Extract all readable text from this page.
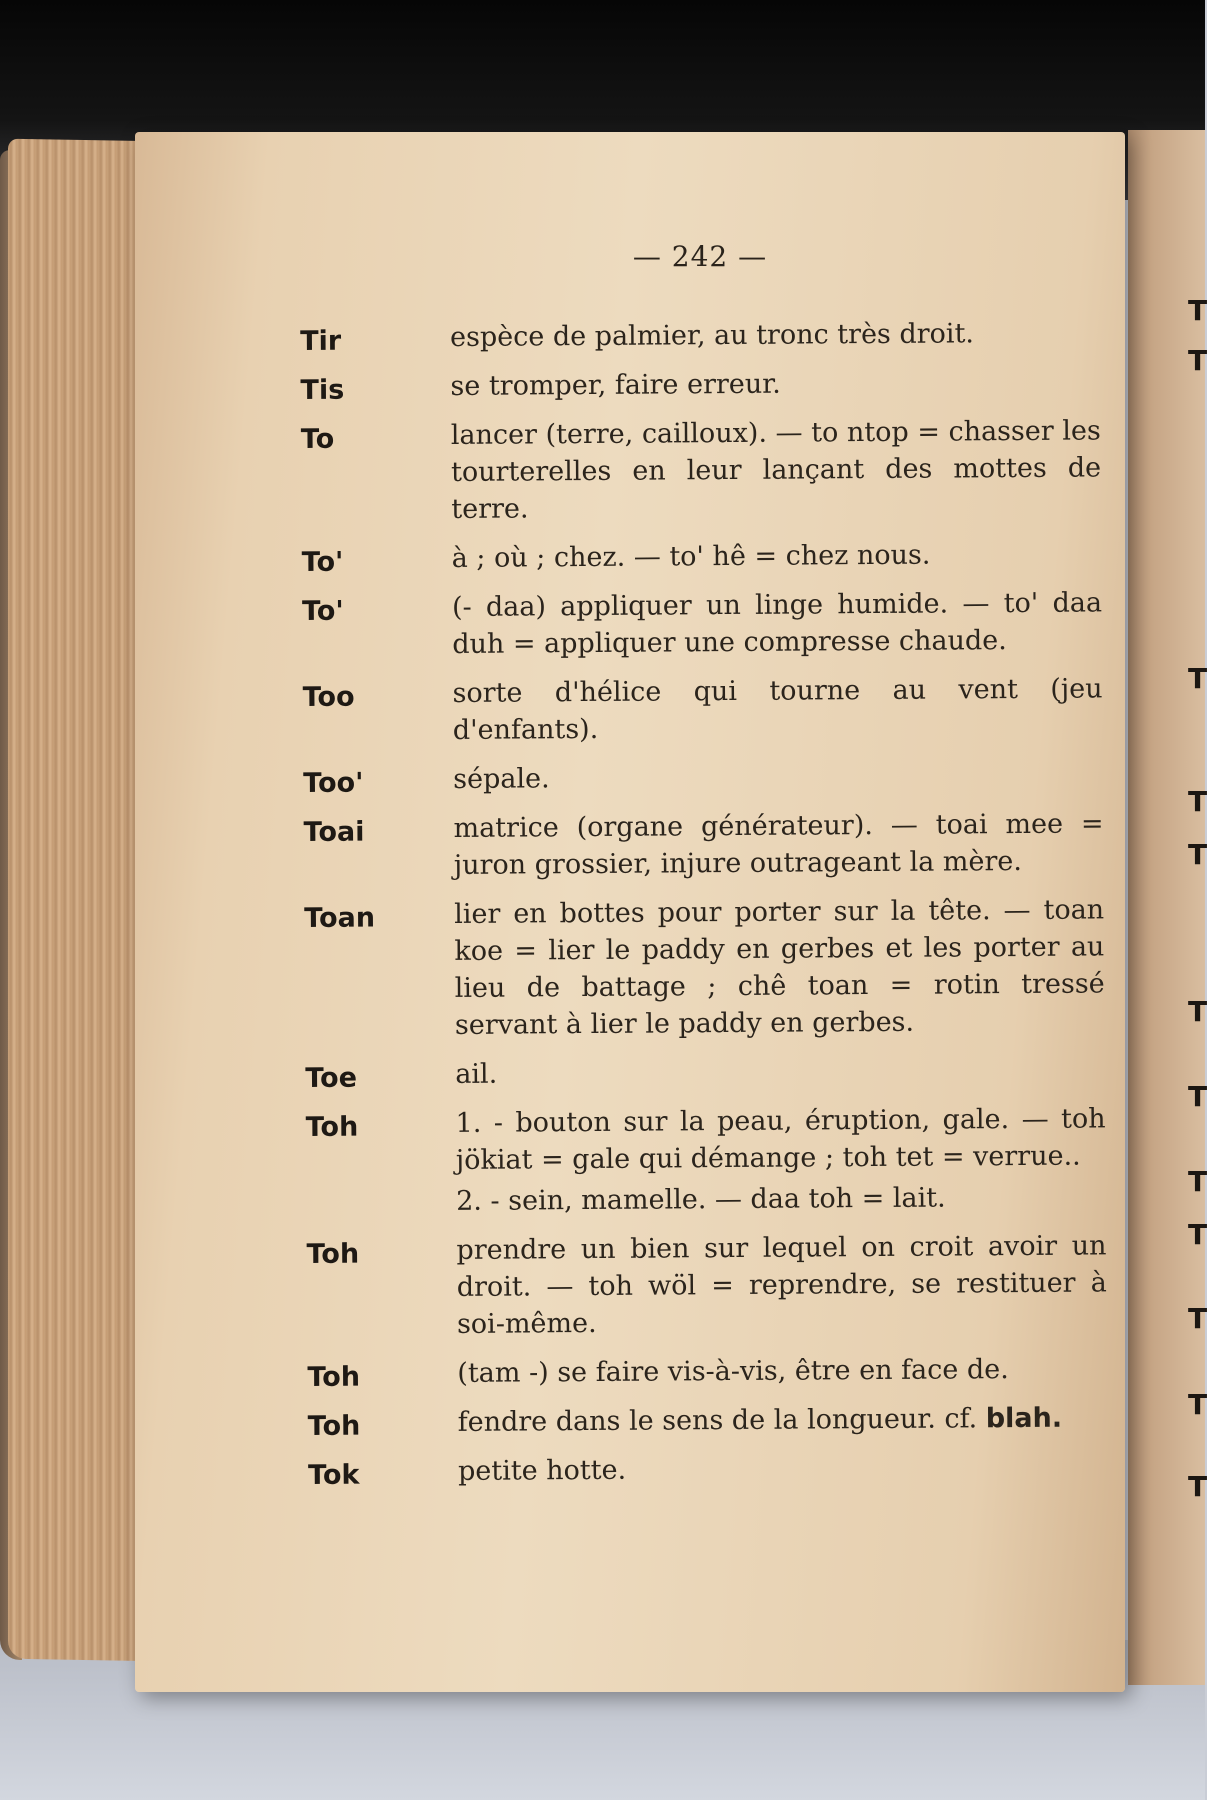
T
T
T
T
T
T
T
T
T
T
T
T
— 242 —
Tir	espèce de palmier, au tronc très droit.
Tis	se tromper, faire erreur.
To	lancer (terre, cailloux). — to ntop = chasser les tourterelles en leur lançant des mottes de terre.
To'	à ; où ; chez. — to' hê = chez nous.
To'	(- daa) appliquer un linge humide. — to' daa duh = appliquer une compresse chaude.
Too	sorte d'hélice qui tourne au vent (jeu d'enfants).
Too'	sépale.
Toai	matrice (organe générateur). — toai mee = juron grossier, injure outrageant la mère.
Toan	lier en bottes pour porter sur la tête. — toan koe = lier le paddy en gerbes et les porter au lieu de battage ; chê toan = rotin tressé servant à lier le paddy en gerbes.
Toe	ail.
Toh	1. - bouton sur la peau, éruption, gale. — toh jökiat = gale qui démange ; toh tet = verrue..
2. - sein, mamelle. — daa toh = lait.
Toh	prendre un bien sur lequel on croit avoir un droit. — toh wöl = reprendre, se restituer à soi-même.
Toh	(tam -) se faire vis-à-vis, être en face de.
Toh	fendre dans le sens de la longueur. cf. blah.
Tok	petite hotte.
